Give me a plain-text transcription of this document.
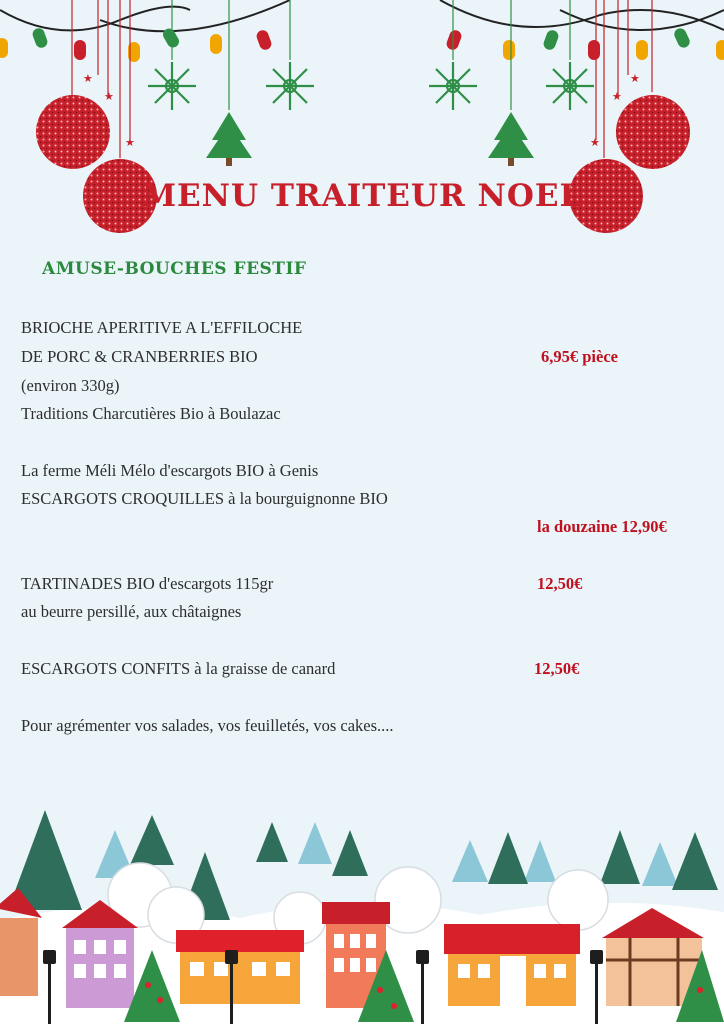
★
★
★
★
★
★
MENU TRAITEUR NOEL
AMUSE-BOUCHES FESTIF
BRIOCHE APERITIVE A L'EFFILOCHE
DE PORC & CRANBERRIES BIO
(environ 330g)
Traditions Charcutières Bio à Boulazac
6,95€ pièce
La ferme Méli Mélo d'escargots BIO à Genis
ESCARGOTS CROQUILLES à la bourguignonne BIO
la douzaine 12,90€
TARTINADES BIO d'escargots 115gr
au beurre persillé, aux châtaignes
12,50€
ESCARGOTS CONFITS à la graisse de canard	12,50€
Pour agrémenter vos salades, vos feuilletés, vos cakes....
